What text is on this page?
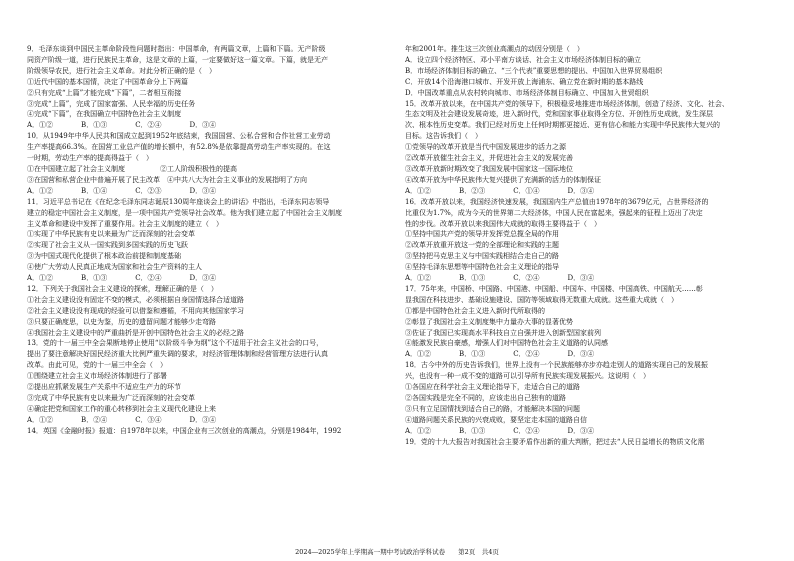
9．毛泽东谈到中国民主革命阶段性问题时指出：中国革命，有两篇文章，上篇和下篇。无产阶级
同资产阶级一道，进行民族民主革命，这是文章的上篇，一定要做好这一篇文章。下篇，就是无产
阶级领导农民，进行社会主义革命。对此分析正确的是（　）
①近代中国的基本国情，决定了中国革命分上下两篇
②只有完成“上篇”才能完成“下篇”，二者相互衔接
③完成“上篇”，完成了国家富强、人民幸福的历史任务
④完成“下篇”，在我国确立中国特色社会主义制度
A．①②　　　　B．①③　　　　C．②④　　　　D．③④
10．从1949年中华人民共和国成立起到1952年底结束，我国国营、公私合营和合作社营工业劳动
生产率提高66.3%。在国营工业总产值的增长额中，有52.8%是依靠提高劳动生产率实现的。在这
一时期，劳动生产率的提高得益于（　）
①在中国建立起了社会主义制度　　　　　②工人阶级积极性的提高
③在国营和私营企业中普遍开展了民主改革　④中共八大为社会主义事业的发展指明了方向
A．①②　　　　B．①④　　　　C．②③　　　　D．③④
11．习近平总书记在《在纪念毛泽东同志诞辰130周年座谈会上的讲话》中指出，毛泽东同志领导
建立的稳定中国社会主义制度，是一项中国共产党领导社会改革。他为我们建立起了中国社会主义制度
主义革命和建设中发挥了重要作用。社会主义制度的建立（　）
①实现了中华民族有史以来最为广泛而深刻的社会变革
②实现了社会主义从一国实践到多国实践的历史飞跃
③为中国式现代化提供了根本政治前提和制度基础
④使广大劳动人民真正地成为国家和社会生产资料的主人
A．①②　　　　B．①③　　　　C．②④　　　　D．③④
12．下列关于我国社会主义建设的探索，理解正确的是（　）
①社会主义建设没有固定不变的模式，必须根据自身国情选择合适道路
②社会主义建设没有现成的经验可以借鉴和遵循，不用向其他国家学习
③只要正确度思，以史为鉴，历史的遗留问题才能够少走弯路
④我国社会主义建设中的严重曲折是开创中国特色社会主义的必经之路
13．党的十一届三中全会果断地停止使用“以阶级斗争为纲”这个不适用于社会主义社会的口号，
提出了要注意解决好国民经济重大比例严重失调的要求，对经济管理体制和经营管理方法进行认真
改革。由此可见，党的十一届三中全会（　）
①围绕建立社会主义市场经济体制进行了部署
②提出应抓紧发展生产关系中不适应生产力的环节
③完成了中华民族有史以来最为广泛而深刻的社会变革
④确定把党和国家工作的重心转移到社会主义现代化建设上来
A．①②　　　　B．②④　　　　C．③④　　　　D．③④
14．英国《金融时报》报道：自1978年以来，中国企业有三次创业的高潮点，分别是1984年，1992
年和2001年。推生这三次创业高潮点的动因分别是（　）
A．设立四个经济特区、邓小平南方谈话、社会主义市场经济体制目标的确立
B．市场经济体制目标的确立、“三个代表”重要思想的提出、中国加入世界贸易组织
C．开放14个沿海港口城市、开发开放上海浦东、确立党在新时期的基本路线
D．中国改革重点从农村转向城市、市场经济体制目标确立、中国加入世贸组织
15．改革开放以来，在中国共产党的领导下，积极稳妥地推进市场经济体制，创造了经济、文化、社会、
生态文明及社会建设发展奇迹，进入新时代，党和国家事业取得全方位、开创性历史成就，发生深层
次、根本性历史变革。我们已经对历史上任何时期都更接近、更有信心和能力实现中华民族伟大复兴的
目标。这告诉我们（　）
①党领导的改革开放是当代中国发展进步的活力之源
②改革开放催生社会主义，并促进社会主义的发展完善
③改革开放新时期改变了我国发展中国家这一国际地位
④改革开放为中华民族伟大复兴提供了充满新的活力的体制保证
A．①②　　　　B．②③　　　　C．①④　　　　D．③④
16．改革开放以来，我国经济快速发展，我国国内生产总值由1978年的3679亿元，占世界经济的
比重仅为1.7%，成为今天的世界第二大经济体，中国人民在富起来，强起来的征程上迈出了决定
性的步伐。改革开放以来我国伟大成就的取得主要得益于（　）
①坚持中国共产党的领导并发挥党总揽全局的作用
②改革开放重开放这一党的全部理论和实践的主题
③坚持把马克思主义与中国实践相结合走自己的路
④坚持毛泽东思想等中国特色社会主义理论的指导
A．①②　　　　B．①③　　　　C．②④　　　　D．③④
17．75年来，中国桥、中国路、中国港、中国船、中国车、中国楼、中国高铁、中国航天……彰
显我国在科技进步、基础设施建设、国防等领域取得无数重大成就。这些重大成就（　）
①都是中国特色社会主义进入新时代所取得的
②彰显了我国社会主义制度集中力量办大事的显著优势
③佐证了我国已实现高水平科技自立自强并进入创新型国家前列
④能激发民族自豪感，增强人们对中国特色社会主义道路的认同感
A．①②　　　　B．①③　　　　C．②④　　　　D．③④
18．古今中外的历史告诉我们，世界上没有一个民族能够亦步亦趋走别人的道路实现自己的发展振
兴，也没有一种一成不变的道路可以引导所有民族实现发展振兴。这说明（　）
①各国应在科学社会主义理论指导下，走适合自己的道路
②各国实践是完全不同的，应该走出自己独有的道路
③只有立足国情找到适合自己的路，才能解决本国的问题
④道路问题关系民族的兴衰成败，要坚定走本国的道路自信
A．①②　　　　B．①③　　　　C．②④　　　　D．③④
19．党的十九大报告对我国社会主要矛盾作出新的重大判断，把过去“人民日益增长的物质文化需
2024―2025学年上学期高一期中考试政治学科试卷　　第2页　共4页
